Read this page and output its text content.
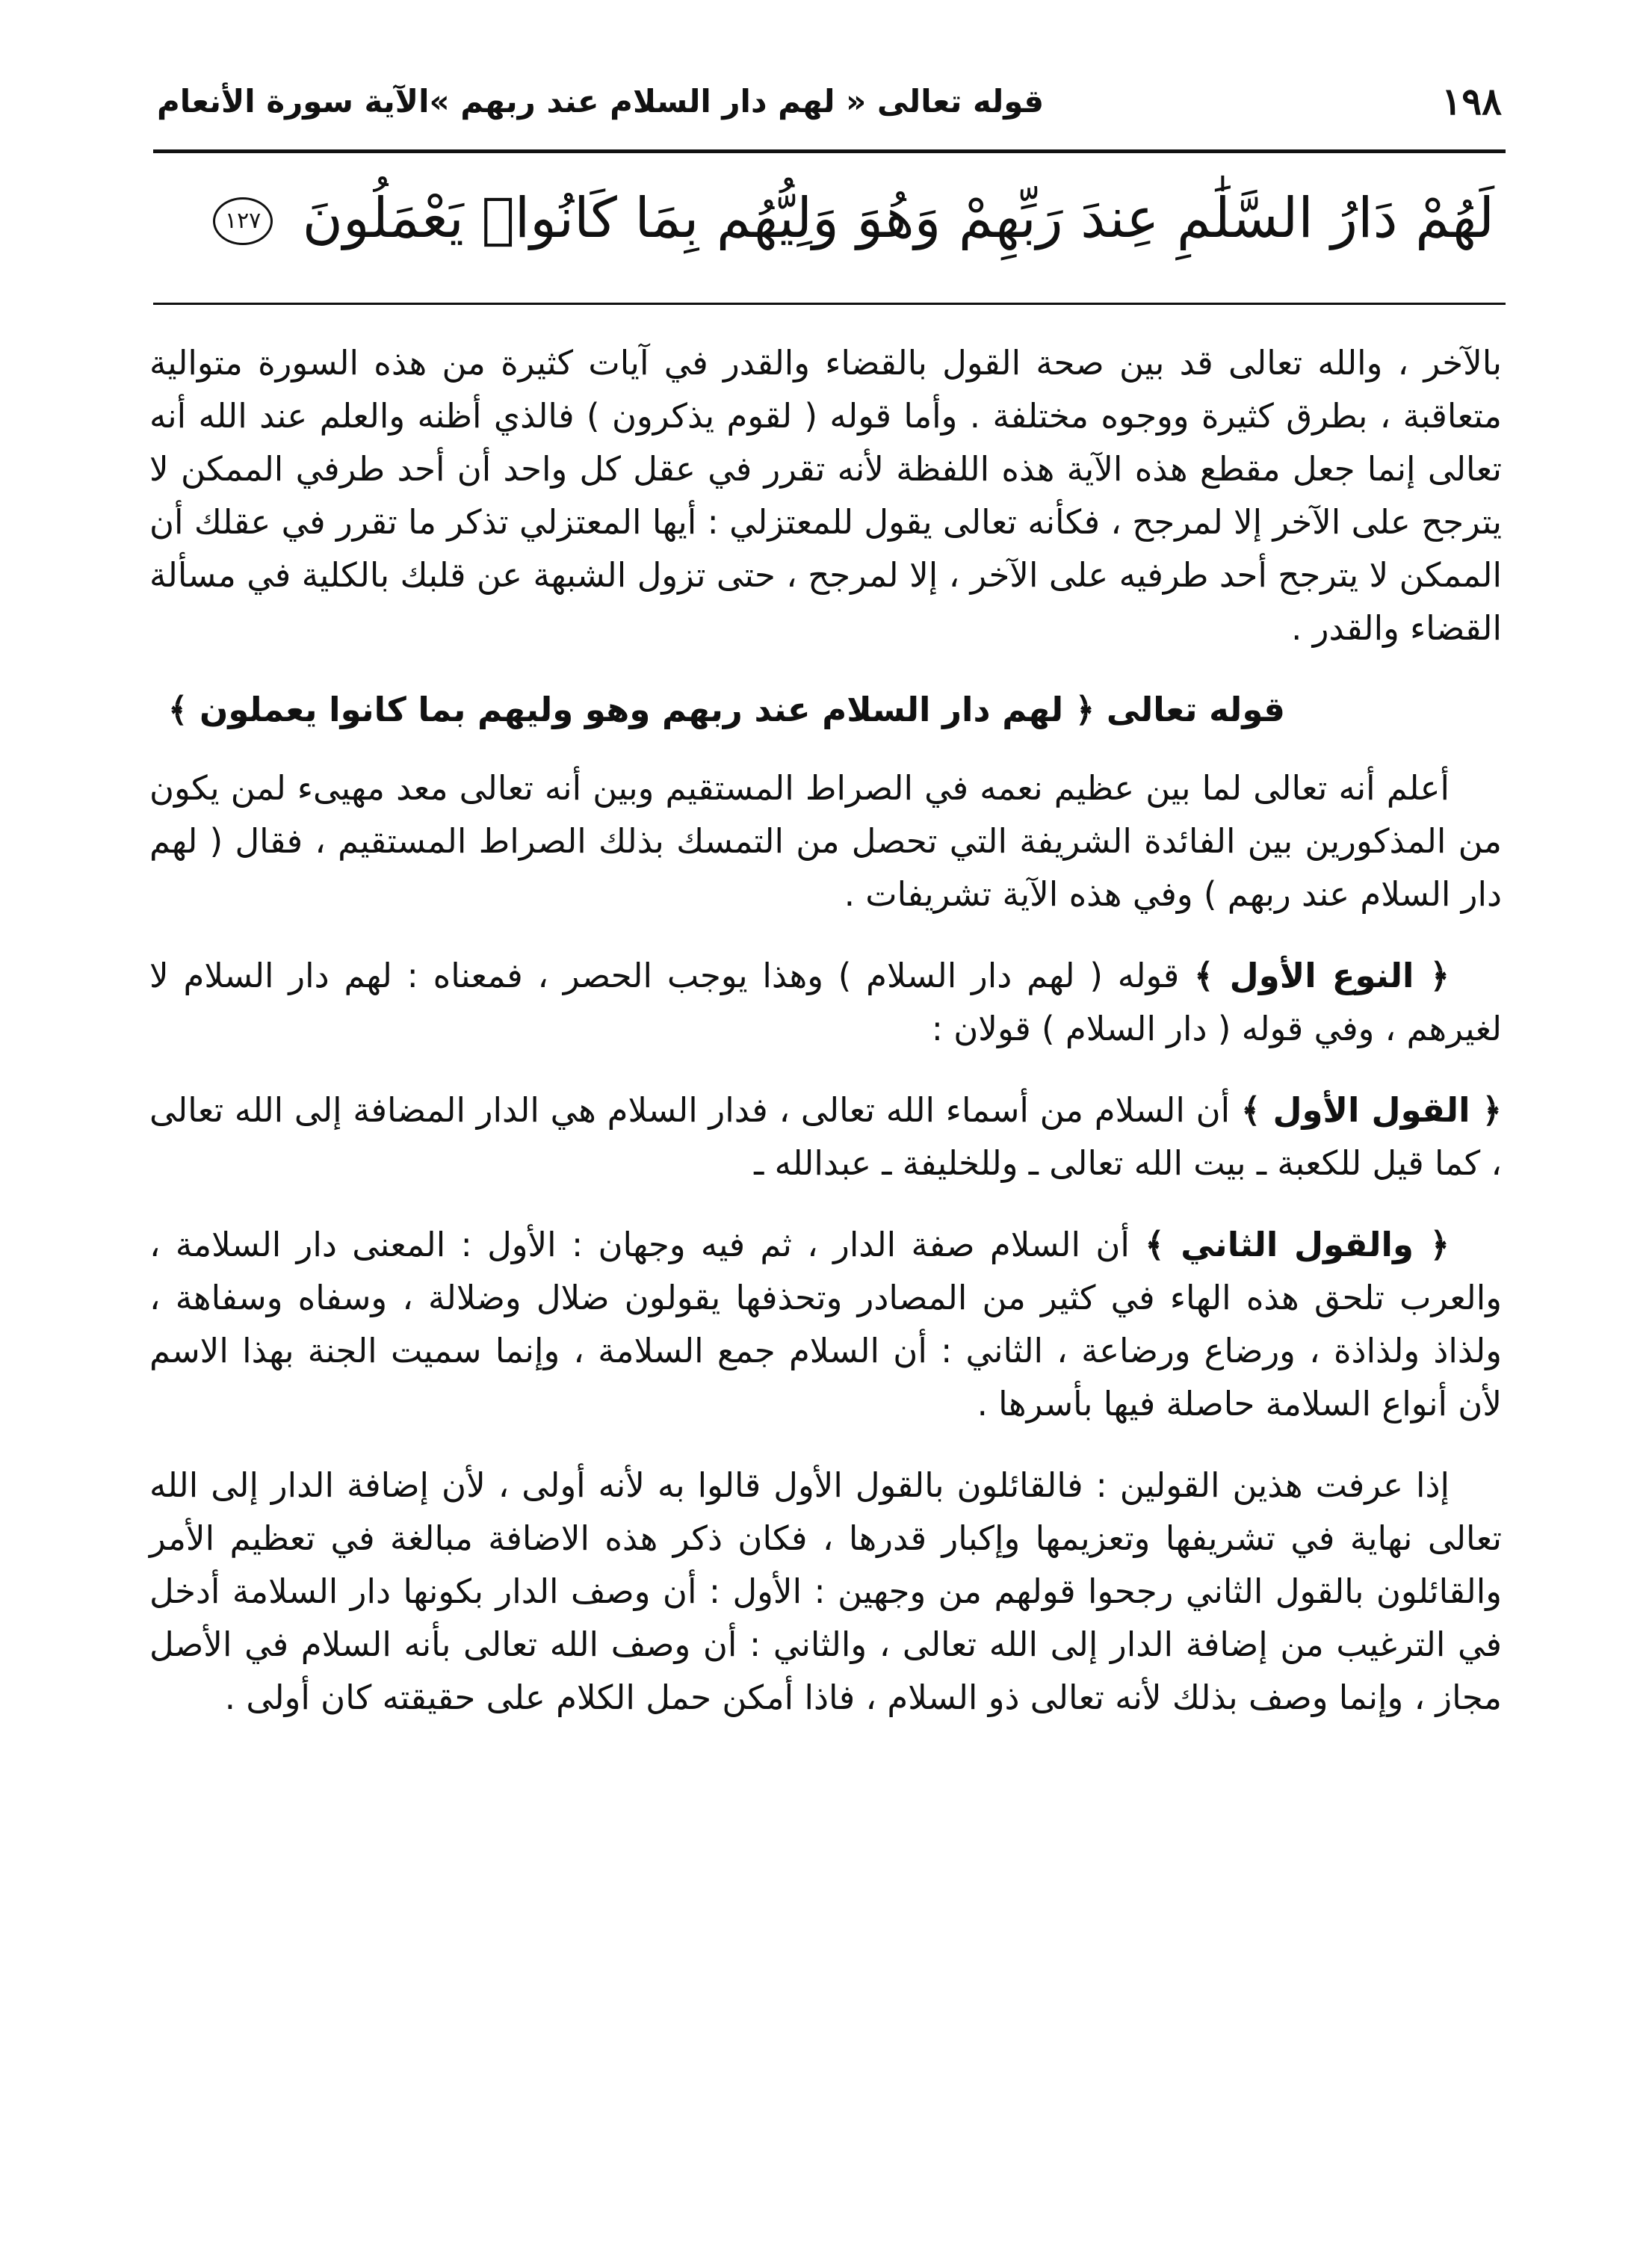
١٩٨
قوله تعالى « لهم دار السلام عند ربهم »الآية سورة الأنعام
لَهُمْ دَارُ السَّلَٰمِ عِندَ رَبِّهِمْ وَهُوَ وَلِيُّهُم بِمَا كَانُوا۟ يَعْمَلُونَ ١٢٧

بالآخر ، والله تعالى قد بين صحة القول بالقضاء والقدر في آيات كثيرة من هذه السورة متوالية متعاقبة ، بطرق كثيرة ووجوه مختلفة . وأما قوله ( لقوم يذكرون ) فالذي أظنه والعلم عند الله أنه تعالى إنما جعل مقطع هذه الآية هذه اللفظة لأنه تقرر في عقل كل واحد أن أحد طرفي الممكن لا يترجح على الآخر إلا لمرجح ، فكأنه تعالى يقول للمعتزلي : أيها المعتزلي تذكر ما تقرر في عقلك أن الممكن لا يترجح أحد طرفيه على الآخر ، إلا لمرجح ، حتى تزول الشبهة عن قلبك بالكلية في مسألة القضاء والقدر .

قوله تعالى ﴿ لهم دار السلام عند ربهم وهو وليهم بما كانوا يعملون ﴾

أعلم أنه تعالى لما بين عظيم نعمه في الصراط المستقيم وبين أنه تعالى معد مهيىء لمن يكون من المذكورين بين الفائدة الشريفة التي تحصل من التمسك بذلك الصراط المستقيم ، فقال ( لهم دار السلام عند ربهم ) وفي هذه الآية تشريفات .

﴿ النوع الأول ﴾ قوله ( لهم دار السلام ) وهذا يوجب الحصر ، فمعناه : لهم دار السلام لا لغيرهم ، وفي قوله ( دار السلام ) قولان :

﴿ القول الأول ﴾ أن السلام من أسماء الله تعالى ، فدار السلام هي الدار المضافة إلى الله تعالى ، كما قيل للكعبة ـ بيت الله تعالى ـ وللخليفة ـ عبدالله ـ

﴿ والقول الثاني ﴾ أن السلام صفة الدار ، ثم فيه وجهان : الأول : المعنى دار السلامة ، والعرب تلحق هذه الهاء في كثير من المصادر وتحذفها يقولون ضلال وضلالة ، وسفاه وسفاهة ، ولذاذ ولذاذة ، ورضاع ورضاعة ، الثاني : أن السلام جمع السلامة ، وإنما سميت الجنة بهذا الاسم لأن أنواع السلامة حاصلة فيها بأسرها .

إذا عرفت هذين القولين : فالقائلون بالقول الأول قالوا به لأنه أولى ، لأن إضافة الدار إلى الله تعالى نهاية في تشريفها وتعزيمها وإكبار قدرها ، فكان ذكر هذه الاضافة مبالغة في تعظيم الأمر والقائلون بالقول الثاني رجحوا قولهم من وجهين : الأول : أن وصف الدار بكونها دار السلامة أدخل في الترغيب من إضافة الدار إلى الله تعالى ، والثاني : أن وصف الله تعالى بأنه السلام في الأصل مجاز ، وإنما وصف بذلك لأنه تعالى ذو السلام ، فاذا أمكن حمل الكلام على حقيقته كان أولى .
